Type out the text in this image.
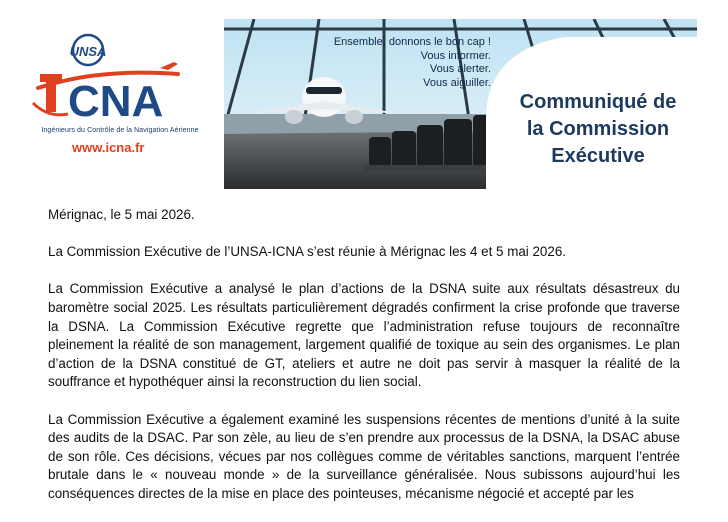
UNSA
CNA
Ingénieurs du Contrôle de la Navigation Aérienne
www.icna.fr
Ensemble, donnons le bon cap !
Vous informer.
Vous alerter.
Vous aiguiller.
Communiqué de
la Commission
Exécutive

Mérignac, le 5 mai 2026.

La Commission Exécutive de l’UNSA-ICNA s’est réunie à Mérignac les 4 et 5 mai 2026.

La Commission Exécutive a analysé le plan d’actions de la DSNA suite aux résultats désastreux du baromètre social 2025. Les résultats particulièrement dégradés confirment la crise profonde que traverse la DSNA. La Commission Exécutive regrette que l’administration refuse toujours de reconnaître pleinement la réalité de son management, largement qualifié de toxique au sein des organismes. Le plan d’action de la DSNA constitué de GT, ateliers et autre ne doit pas servir à masquer la réalité de la souffrance et hypothéquer ainsi la reconstruction du lien social.

La Commission Exécutive a également examiné les suspensions récentes de mentions d’unité à la suite des audits de la DSAC. Par son zèle, au lieu de s’en prendre aux processus de la DSNA, la DSAC abuse de son rôle. Ces décisions, vécues par nos collègues comme de véritables sanctions, marquent l’entrée brutale dans le « nouveau monde » de la surveillance généralisée. Nous subissons aujourd’hui les conséquences directes de la mise en place des pointeuses, mécanisme négocié et accepté par les
